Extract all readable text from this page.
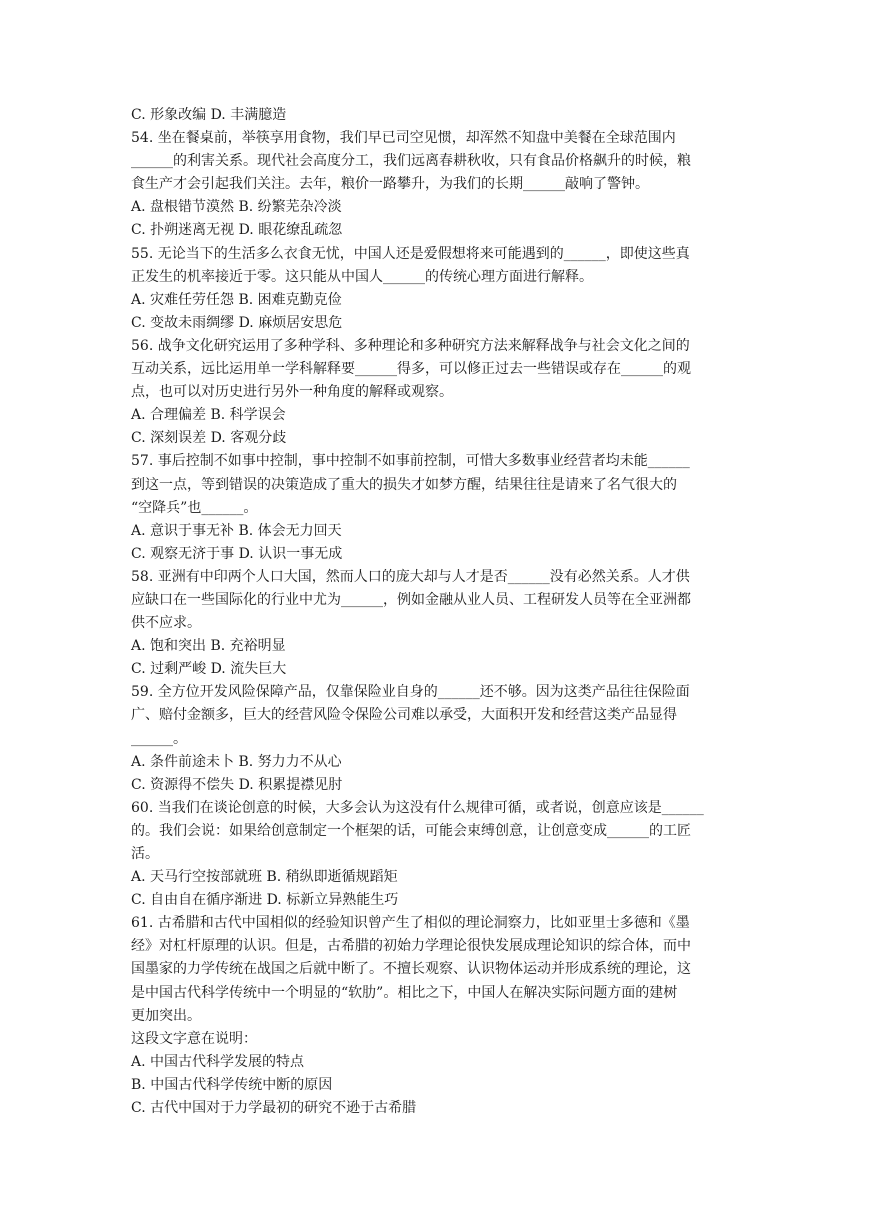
C. 形象改编 D. 丰满臆造
54. 坐在餐桌前，举筷享用食物，我们早已司空见惯，却浑然不知盘中美餐在全球范围内
______的利害关系。现代社会高度分工，我们远离春耕秋收，只有食品价格飙升的时候，粮
食生产才会引起我们关注。去年，粮价一路攀升，为我们的长期______敲响了警钟。
A. 盘根错节漠然 B. 纷繁芜杂冷淡
C. 扑朔迷离无视 D. 眼花缭乱疏忽
55. 无论当下的生活多么衣食无忧，中国人还是爱假想将来可能遇到的______，即使这些真
正发生的机率接近于零。这只能从中国人______的传统心理方面进行解释。
A. 灾难任劳任怨 B. 困难克勤克俭
C. 变故未雨绸缪 D. 麻烦居安思危
56. 战争文化研究运用了多种学科、多种理论和多种研究方法来解释战争与社会文化之间的
互动关系，远比运用单一学科解释要______得多，可以修正过去一些错误或存在______的观
点，也可以对历史进行另外一种角度的解释或观察。
A. 合理偏差 B. 科学误会
C. 深刻误差 D. 客观分歧
57. 事后控制不如事中控制，事中控制不如事前控制，可惜大多数事业经营者均未能______
到这一点，等到错误的决策造成了重大的损失才如梦方醒，结果往往是请来了名气很大的
“空降兵”也______。
A. 意识于事无补 B. 体会无力回天
C. 观察无济于事 D. 认识一事无成
58. 亚洲有中印两个人口大国，然而人口的庞大却与人才是否______没有必然关系。人才供
应缺口在一些国际化的行业中尤为______，例如金融从业人员、工程研发人员等在全亚洲都
供不应求。
A. 饱和突出 B. 充裕明显
C. 过剩严峻 D. 流失巨大
59. 全方位开发风险保障产品，仅靠保险业自身的______还不够。因为这类产品往往保险面
广、赔付金额多，巨大的经营风险令保险公司难以承受，大面积开发和经营这类产品显得
______。
A. 条件前途未卜 B. 努力力不从心
C. 资源得不偿失 D. 积累提襟见肘
60. 当我们在谈论创意的时候，大多会认为这没有什么规律可循，或者说，创意应该是______
的。我们会说：如果给创意制定一个框架的话，可能会束缚创意，让创意变成______的工匠
活。
A. 天马行空按部就班 B. 稍纵即逝循规蹈矩
C. 自由自在循序渐进 D. 标新立异熟能生巧
61. 古希腊和古代中国相似的经验知识曾产生了相似的理论洞察力，比如亚里士多德和《墨
经》对杠杆原理的认识。但是，古希腊的初始力学理论很快发展成理论知识的综合体，而中
国墨家的力学传统在战国之后就中断了。不擅长观察、认识物体运动并形成系统的理论，这
是中国古代科学传统中一个明显的“软肋”。相比之下，中国人在解决实际问题方面的建树
更加突出。
这段文字意在说明：
A. 中国古代科学发展的特点
B. 中国古代科学传统中断的原因
C. 古代中国对于力学最初的研究不逊于古希腊
